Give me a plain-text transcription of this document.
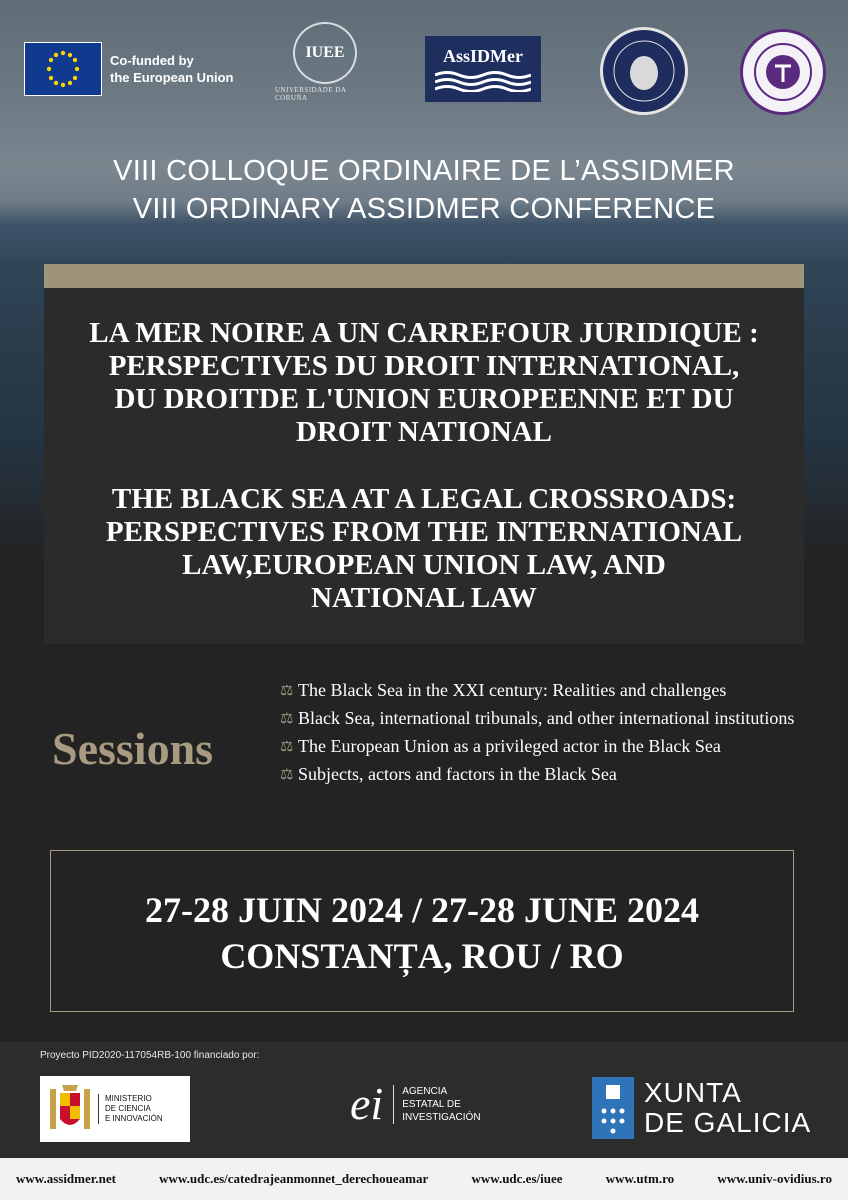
Co-funded by
the European Union
IUEE
UNIVERSIDADE DA CORUÑA
AssIDMer
VIII COLLOQUE ORDINAIRE DE L’ASSIDMER
VIII ORDINARY ASSIDMER CONFERENCE
LA MER NOIRE A UN CARREFOUR JURIDIQUE :
PERSPECTIVES DU DROIT INTERNATIONAL,
DU DROITDE L'UNION EUROPEENNE ET DU
DROIT NATIONAL
THE BLACK SEA AT A LEGAL CROSSROADS:
PERSPECTIVES FROM THE INTERNATIONAL
LAW,EUROPEAN UNION LAW, AND
NATIONAL LAW
Sessions
⚖ The Black Sea in the XXI century: Realities and challenges
⚖ Black Sea, international tribunals, and other international institutions
⚖ The European Union as a privileged actor in the Black Sea
⚖ Subjects, actors and factors in the Black Sea
27-28 JUIN 2024 / 27-28 JUNE 2024
CONSTANȚA, ROU / RO
Proyecto PID2020-117054RB-100 financiado por:
MINISTERIO
DE CIENCIA
E INNOVACIÓN	ei AGENCIA
ESTATAL DE
INVESTIGACIÓN
XUNTA
DE GALICIA
www.assidmer.net	www.udc.es/catedrajeanmonnet_derechoueamar	www.udc.es/iuee	www.utm.ro	www.univ-ovidius.ro
